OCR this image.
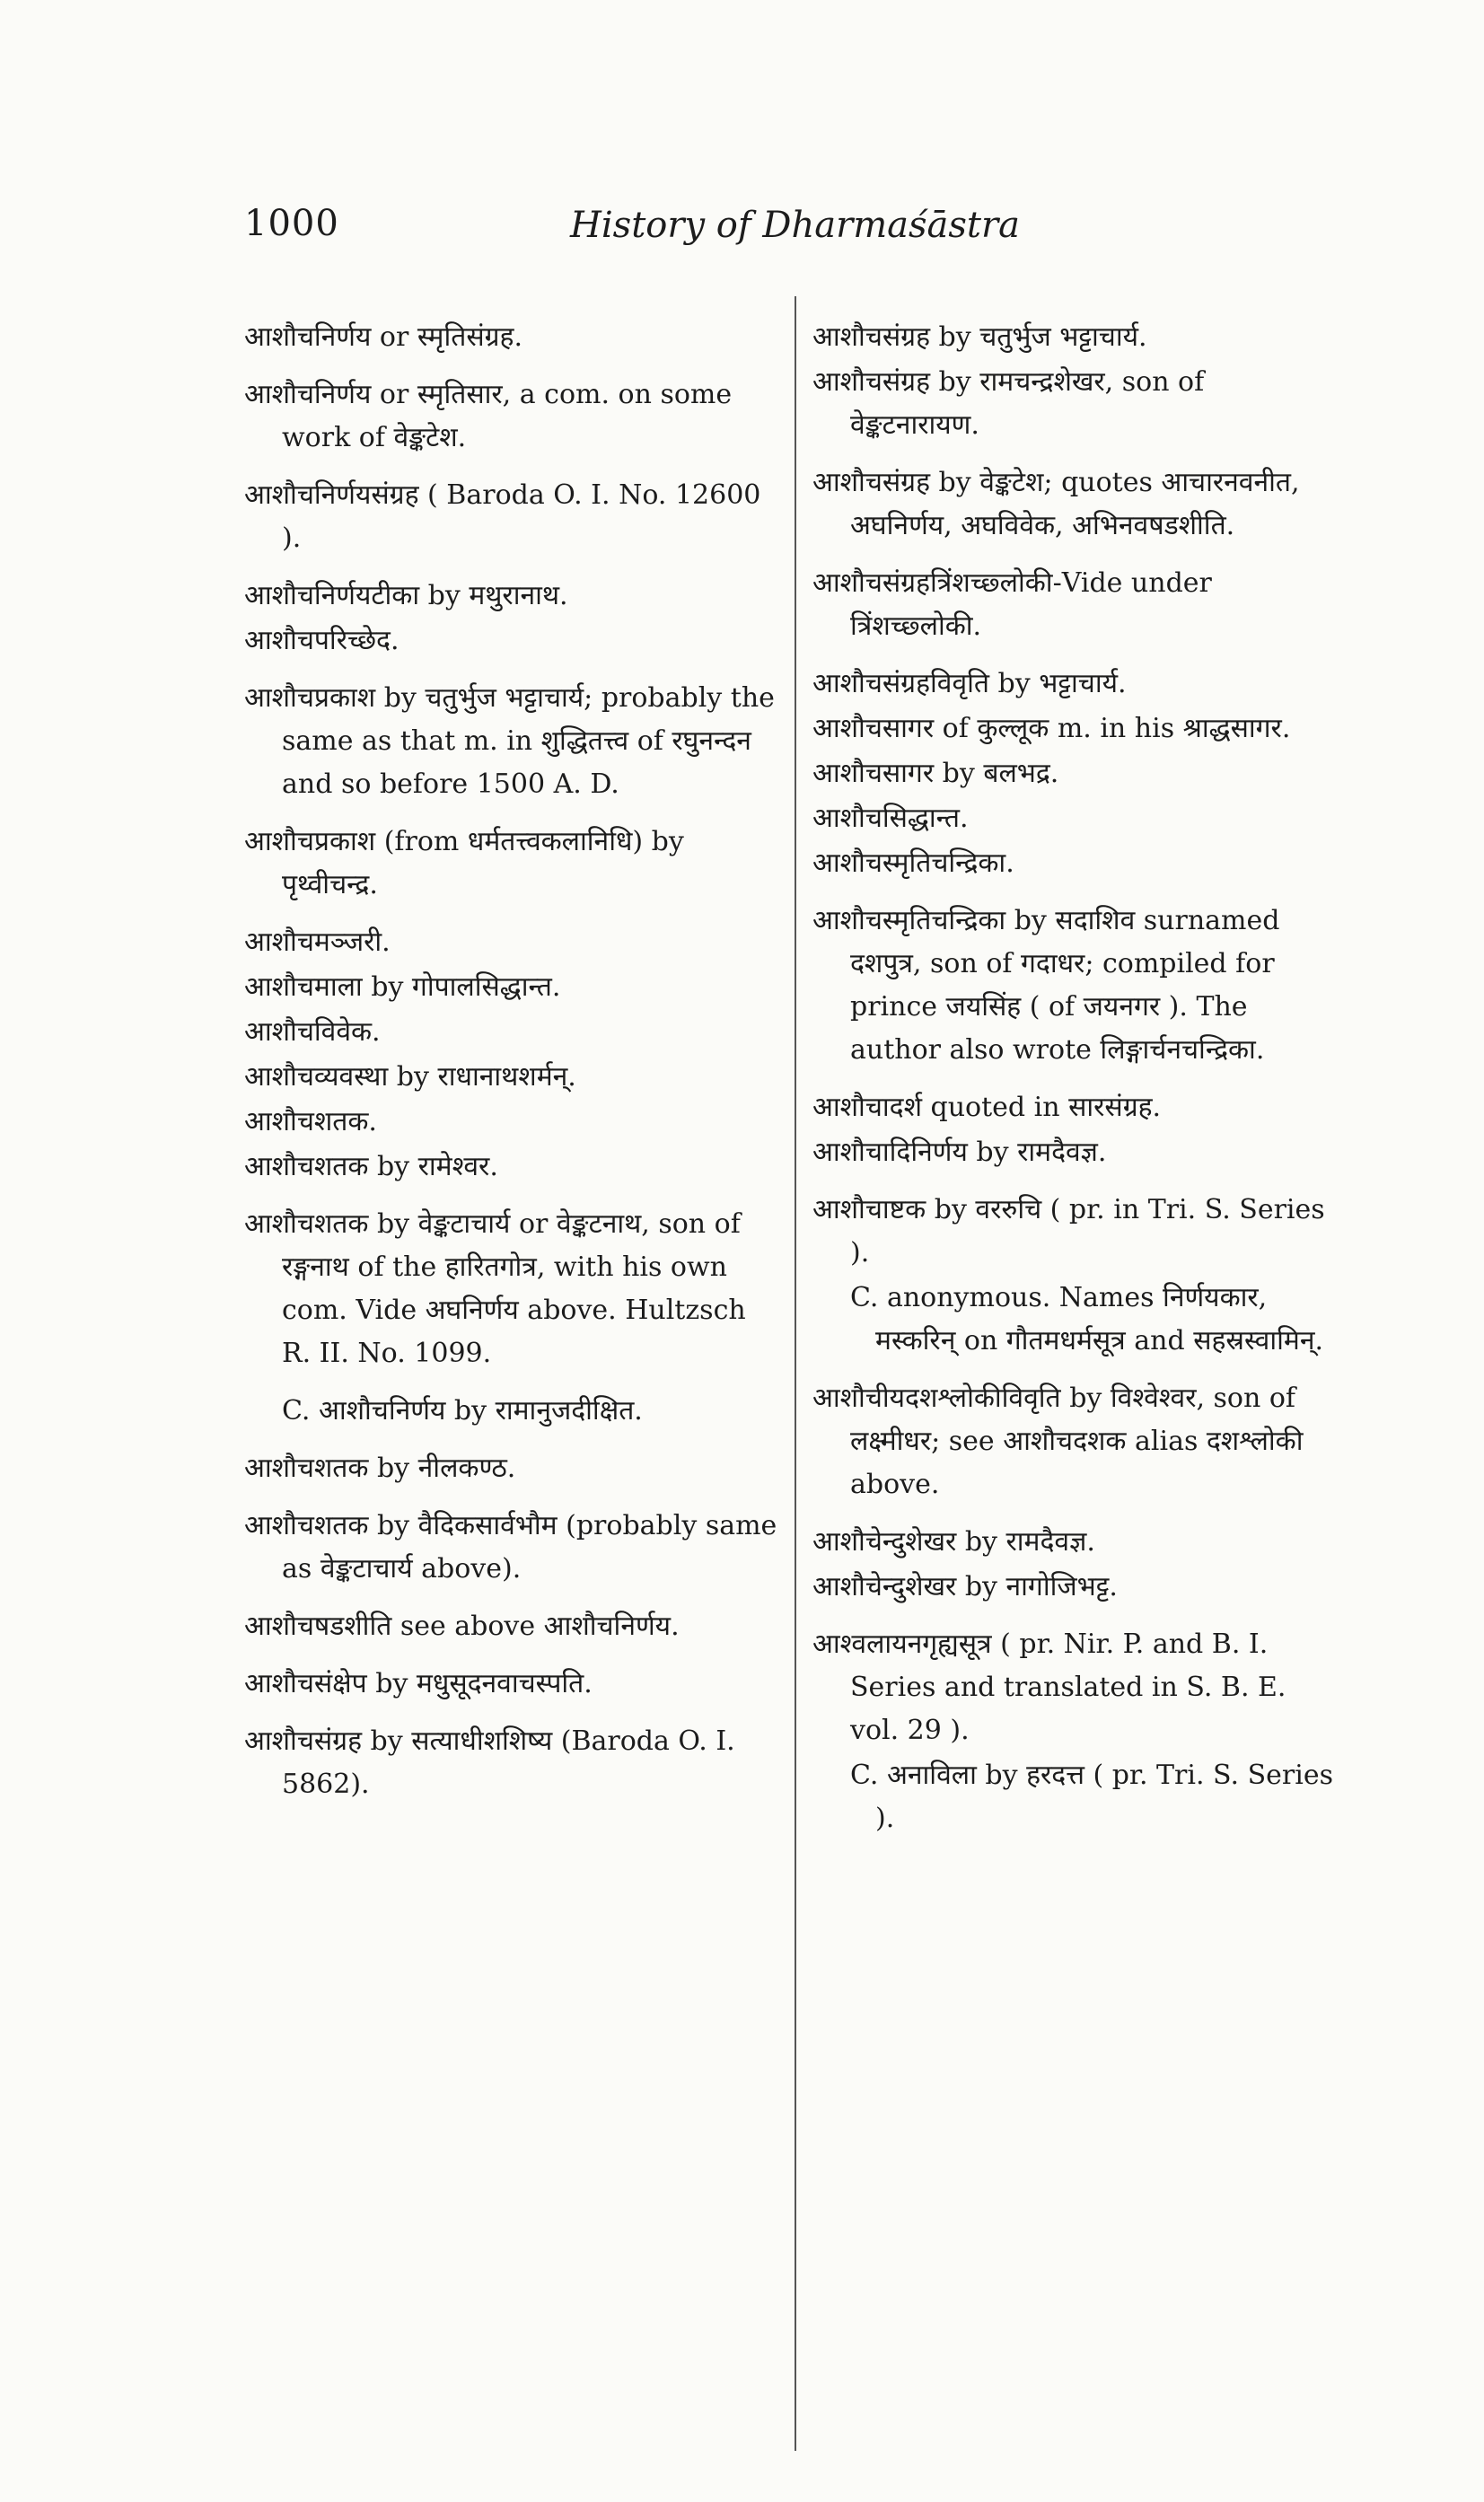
1000	History of Dharmaśāstra
आशौचनिर्णय or स्मृतिसंग्रह.
आशौचनिर्णय or स्मृतिसार, a com. on some work of वेङ्कटेश.
आशौचनिर्णयसंग्रह ( Baroda O. I. No. 12600 ).
आशौचनिर्णयटीका by मथुरानाथ.
आशौचपरिच्छेद.
आशौचप्रकाश by चतुर्भुज भट्टाचार्य; probably the same as that m. in शुद्धितत्त्व of रघुनन्दन and so before 1500 A. D.
आशौचप्रकाश (from धर्मतत्त्वकलानिधि) by पृथ्वीचन्द्र.
आशौचमञ्जरी.
आशौचमाला by गोपालसिद्धान्त.
आशौचविवेक.
आशौचव्यवस्था by राधानाथशर्मन्.
आशौचशतक.
आशौचशतक by रामेश्वर.
आशौचशतक by वेङ्कटाचार्य or वेङ्कटनाथ, son of रङ्गनाथ of the हारितगोत्र, with his own com. Vide अघनिर्णय above. Hultzsch R. II. No. 1099.
C. आशौचनिर्णय by रामानुजदीक्षित.
आशौचशतक by नीलकण्ठ.
आशौचशतक by वैदिकसार्वभौम (probably same as वेङ्कटाचार्य above).
आशौचषडशीति see above आशौचनिर्णय.
आशौचसंक्षेप by मधुसूदनवाचस्पति.
आशौचसंग्रह by सत्याधीशशिष्य (Baroda O. I. 5862).
आशौचसंग्रह by चतुर्भुज भट्टाचार्य.
आशौचसंग्रह by रामचन्द्रशेखर, son of वेङ्कटनारायण.
आशौचसंग्रह by वेङ्कटेश; quotes आचारनवनीत, अघनिर्णय, अघविवेक, अभिनवषडशीति.
आशौचसंग्रहत्रिंशच्छ्लोकी-Vide under त्रिंशच्छ्लोकी.
आशौचसंग्रहविवृति by भट्टाचार्य.
आशौचसागर of कुल्लूक m. in his श्राद्धसागर.
आशौचसागर by बलभद्र.
आशौचसिद्धान्त.
आशौचस्मृतिचन्द्रिका.
आशौचस्मृतिचन्द्रिका by सदाशिव surnamed दशपुत्र, son of गदाधर; compiled for prince जयसिंह ( of जयनगर ). The author also wrote लिङ्गार्चनचन्द्रिका.
आशौचादर्श quoted in सारसंग्रह.
आशौचादिनिर्णय by रामदैवज्ञ.
आशौचाष्टक by वररुचि ( pr. in Tri. S. Series ).
C. anonymous. Names निर्णयकार, मस्करिन् on गौतमधर्मसूत्र and सहस्रस्वामिन्.
आशौचीयदशश्लोकीविवृति by विश्वेश्वर, son of लक्ष्मीधर; see आशौचदशक alias दशश्लोकी above.
आशौचेन्दुशेखर by रामदैवज्ञ.
आशौचेन्दुशेखर by नागोजिभट्ट.
आश्वलायनगृह्यसूत्र ( pr. Nir. P. and B. I. Series and translated in S. B. E. vol. 29 ).
C. अनाविला by हरदत्त ( pr. Tri. S. Series ).
